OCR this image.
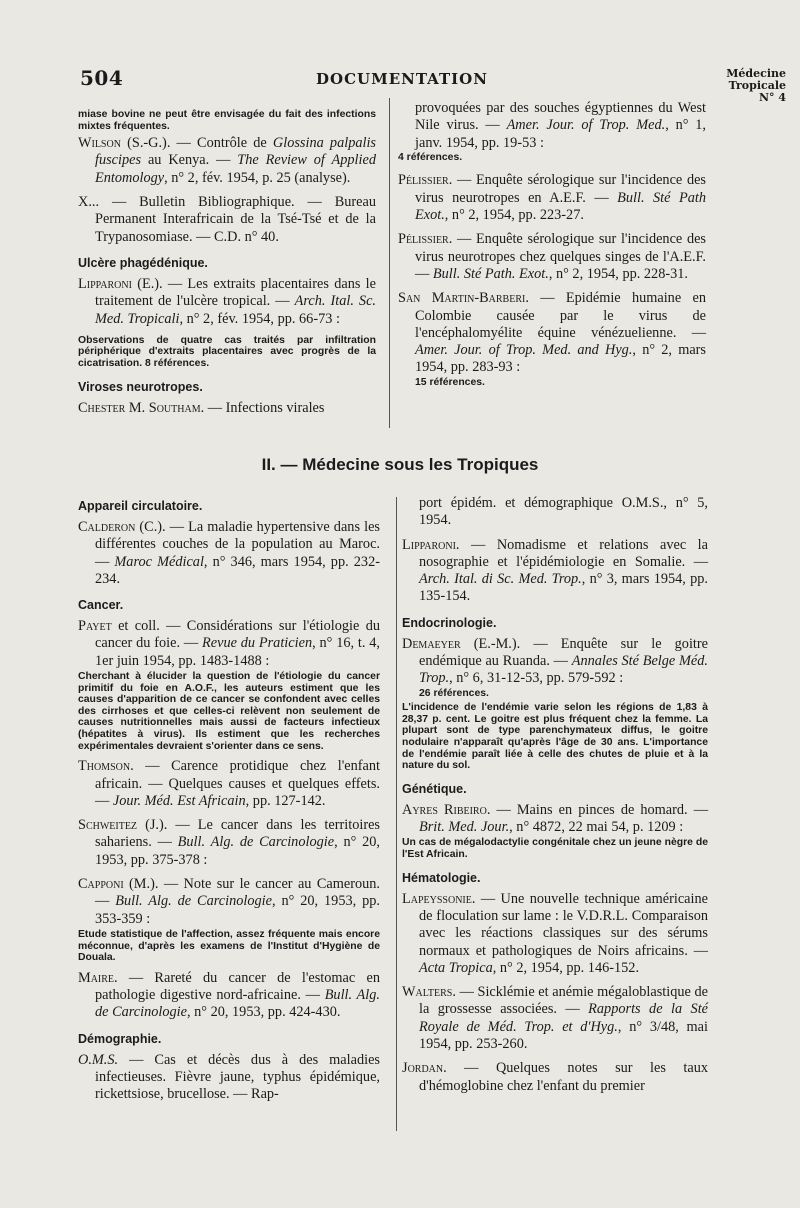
504	DOCUMENTATION	Médecine
Tropicale
N° 4

miase bovine ne peut être envisagée du fait des infections mixtes fréquentes.

Wilson (S.-G.). — Contrôle de Glossina palpalis fuscipes au Kenya. — The Review of Applied Entomology, n° 2, fév. 1954, p. 25 (analyse).

X... — Bulletin Bibliographique. — Bureau Permanent Interafricain de la Tsé-Tsé et de la Trypanosomiase. — C.D. n° 40.

Ulcère phagédénique.

Lipparoni (E.). — Les extraits placentaires dans le traitement de l'ulcère tropical. — Arch. Ital. Sc. Med. Tropicali, n° 2, fév. 1954, pp. 66-73 :

Observations de quatre cas traités par infiltration périphérique d'extraits placentaires avec progrès de la cicatrisation. 8 références.

Viroses neurotropes.

Chester M. Southam. — Infections virales

provoquées par des souches égyptiennes du West Nile virus. — Amer. Jour. of Trop. Med., n° 1, janv. 1954, pp. 19-53 :

4 références.

Pélissier. — Enquête sérologique sur l'incidence des virus neurotropes en A.E.F. — Bull. Sté Path Exot., n° 2, 1954, pp. 223-27.

Pélissier. — Enquête sérologique sur l'incidence des virus neurotropes chez quelques singes de l'A.E.F. — Bull. Sté Path. Exot., n° 2, 1954, pp. 228-31.

San Martin-Barberi. — Epidémie humaine en Colombie causée par le virus de l'encéphalomyélite équine vénézuelienne. — Amer. Jour. of Trop. Med. and Hyg., n° 2, mars 1954, pp. 283-93 :

15 références.

II. — Médecine sous les Tropiques
Appareil circulatoire.

Calderon (C.). — La maladie hypertensive dans les différentes couches de la population au Maroc. — Maroc Médical, n° 346, mars 1954, pp. 232-234.

Cancer.

Payet et coll. — Considérations sur l'étiologie du cancer du foie. — Revue du Praticien, n° 16, t. 4, 1er juin 1954, pp. 1483-1488 :

Cherchant à élucider la question de l'étiologie du cancer primitif du foie en A.O.F., les auteurs estiment que les causes d'apparition de ce cancer se confondent avec celles des cirrhoses et que celles-ci relèvent non seulement de causes nutritionnelles mais aussi de facteurs infectieux (hépatites à virus). Ils estiment que les recherches expérimentales devraient s'orienter dans ce sens.

Thomson. — Carence protidique chez l'enfant africain. — Quelques causes et quelques effets. — Jour. Méd. Est Africain, pp. 127-142.

Schweitez (J.). — Le cancer dans les territoires sahariens. — Bull. Alg. de Carcinologie, n° 20, 1953, pp. 375-378 :

Capponi (M.). — Note sur le cancer au Cameroun. — Bull. Alg. de Carcinologie, n° 20, 1953, pp. 353-359 :

Etude statistique de l'affection, assez fréquente mais encore méconnue, d'après les examens de l'Institut d'Hygiène de Douala.

Maire. — Rareté du cancer de l'estomac en pathologie digestive nord-africaine. — Bull. Alg. de Carcinologie, n° 20, 1953, pp. 424-430.

Démographie.

O.M.S. — Cas et décès dus à des maladies infectieuses. Fièvre jaune, typhus épidémique, rickettsiose, brucellose. — Rap-

port épidém. et démographique O.M.S., n° 5, 1954.

Lipparoni. — Nomadisme et relations avec la nosographie et l'épidémiologie en Somalie. — Arch. Ital. di Sc. Med. Trop., n° 3, mars 1954, pp. 135-154.

Endocrinologie.

Demaeyer (E.-M.). — Enquête sur le goitre endémique au Ruanda. — Annales Sté Belge Méd. Trop., n° 6, 31-12-53, pp. 579-592 :

26 références.

L'incidence de l'endémie varie selon les régions de 1,83 à 28,37 p. cent. Le goitre est plus fréquent chez la femme. La plupart sont de type parenchymateux diffus, le goitre nodulaire n'apparaît qu'après l'âge de 30 ans. L'importance de l'endémie paraît liée à celle des chutes de pluie et à la nature du sol.

Génétique.

Ayres Ribeiro. — Mains en pinces de homard. — Brit. Med. Jour., n° 4872, 22 mai 54, p. 1209 :

Un cas de mégalodactylie congénitale chez un jeune nègre de l'Est Africain.

Hématologie.

Lapeyssonie. — Une nouvelle technique américaine de floculation sur lame : le V.D.R.L. Comparaison avec les réactions classiques sur des sérums normaux et pathologiques de Noirs africains. — Acta Tropica, n° 2, 1954, pp. 146-152.

Walters. — Sicklémie et anémie mégaloblastique de la grossesse associées. — Rapports de la Sté Royale de Méd. Trop. et d'Hyg., n° 3/48, mai 1954, pp. 253-260.

Jordan. — Quelques notes sur les taux d'hémoglobine chez l'enfant du premier
